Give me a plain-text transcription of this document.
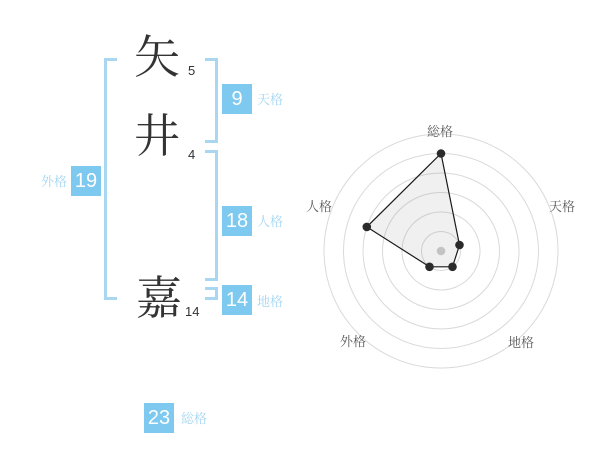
矢 5
井 4
嘉 14
外格 19
9	天格
18 人格
14 地格
23 総格
総格
天格
地格
外格
人格
